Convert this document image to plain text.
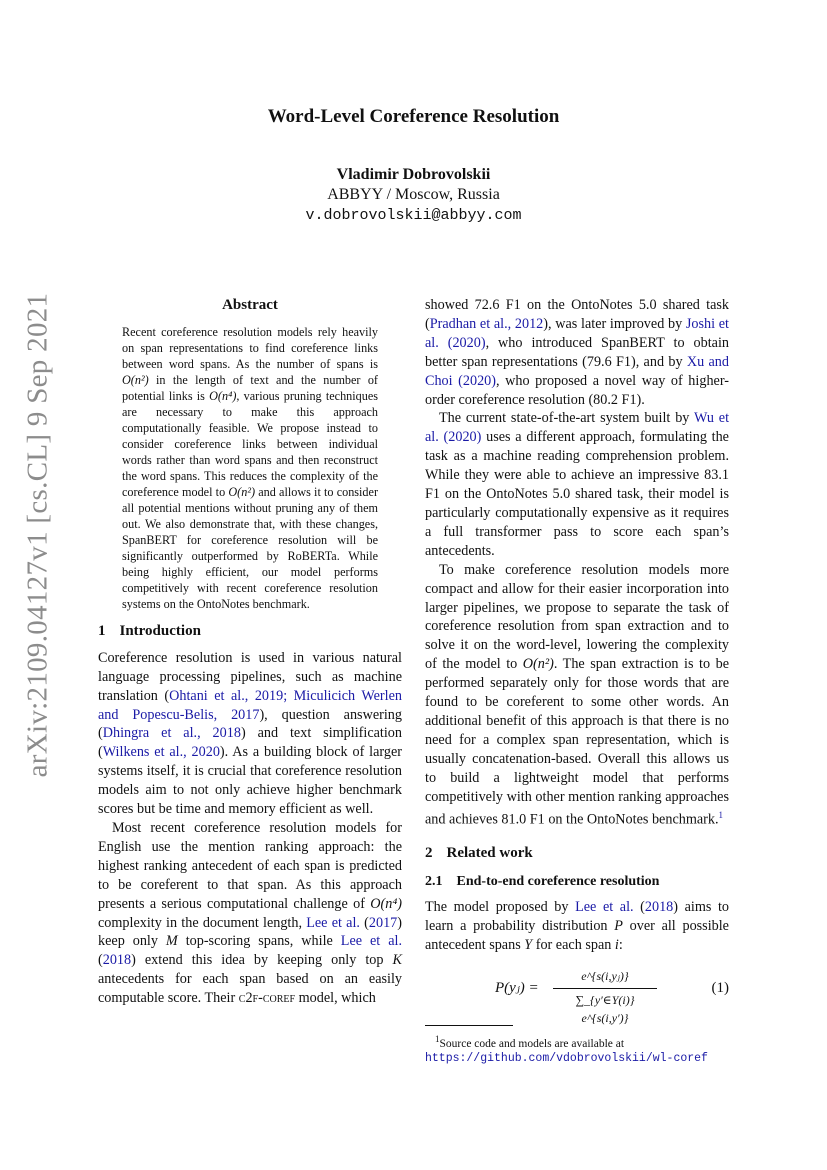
arXiv:2109.04127v1 [cs.CL] 9 Sep 2021
Word-Level Coreference Resolution
Vladimir Dobrovolskii
ABBYY / Moscow, Russia
v.dobrovolskii@abbyy.com
Abstract
Recent coreference resolution models rely heavily on span representations to find coreference links between word spans. As the number of spans is O(n²) in the length of text and the number of potential links is O(n⁴), various pruning techniques are necessary to make this approach computationally feasible. We propose instead to consider coreference links between individual words rather than word spans and then reconstruct the word spans. This reduces the complexity of the coreference model to O(n²) and allows it to consider all potential mentions without pruning any of them out. We also demonstrate that, with these changes, SpanBERT for coreference resolution will be significantly outperformed by RoBERTa. While being highly efficient, our model performs competitively with recent coreference resolution systems on the OntoNotes benchmark.
1 Introduction

Coreference resolution is used in various natural language processing pipelines, such as machine translation (Ohtani et al., 2019; Miculicich Werlen and Popescu-Belis, 2017), question answering (Dhingra et al., 2018) and text simplification (Wilkens et al., 2020). As a building block of larger systems itself, it is crucial that coreference resolution models aim to not only achieve higher benchmark scores but be time and memory efficient as well.

Most recent coreference resolution models for English use the mention ranking approach: the highest ranking antecedent of each span is predicted to be coreferent to that span. As this approach presents a serious computational challenge of O(n⁴) complexity in the document length, Lee et al. (2017) keep only M top-scoring spans, while Lee et al. (2018) extend this idea by keeping only top K antecedents for each span based on an easily computable score. Their c2f-coref model, which

showed 72.6 F1 on the OntoNotes 5.0 shared task (Pradhan et al., 2012), was later improved by Joshi et al. (2020), who introduced SpanBERT to obtain better span representations (79.6 F1), and by Xu and Choi (2020), who proposed a novel way of higher-order coreference resolution (80.2 F1).

The current state-of-the-art system built by Wu et al. (2020) uses a different approach, formulating the task as a machine reading comprehension problem. While they were able to achieve an impressive 83.1 F1 on the OntoNotes 5.0 shared task, their model is particularly computationally expensive as it requires a full transformer pass to score each span’s antecedents.

To make coreference resolution models more compact and allow for their easier incorporation into larger pipelines, we propose to separate the task of coreference resolution from span extraction and to solve it on the word-level, lowering the complexity of the model to O(n²). The span extraction is to be performed separately only for those words that are found to be coreferent to some other words. An additional benefit of this approach is that there is no need for a complex span representation, which is usually concatenation-based. Overall this allows us to build a lightweight model that performs competitively with other mention ranking approaches and achieves 81.0 F1 on the OntoNotes benchmark.$^1$

2 Related work
2.1 End-to-end coreference resolution

The model proposed by Lee et al. (2018) aims to learn a probability distribution P over all possible antecedent spans Y for each span i:

P(yⱼ) = $\frac{\text{e\textasciicircum{}\{s(i,yⱼ)\}}}{\sum\_\{y'\in Y(i)\} e\^{}\{s(i,y')\}}$	(1)
$^1$Source code and models are available at https://github.com/vdobrovolskii/wl-coref
